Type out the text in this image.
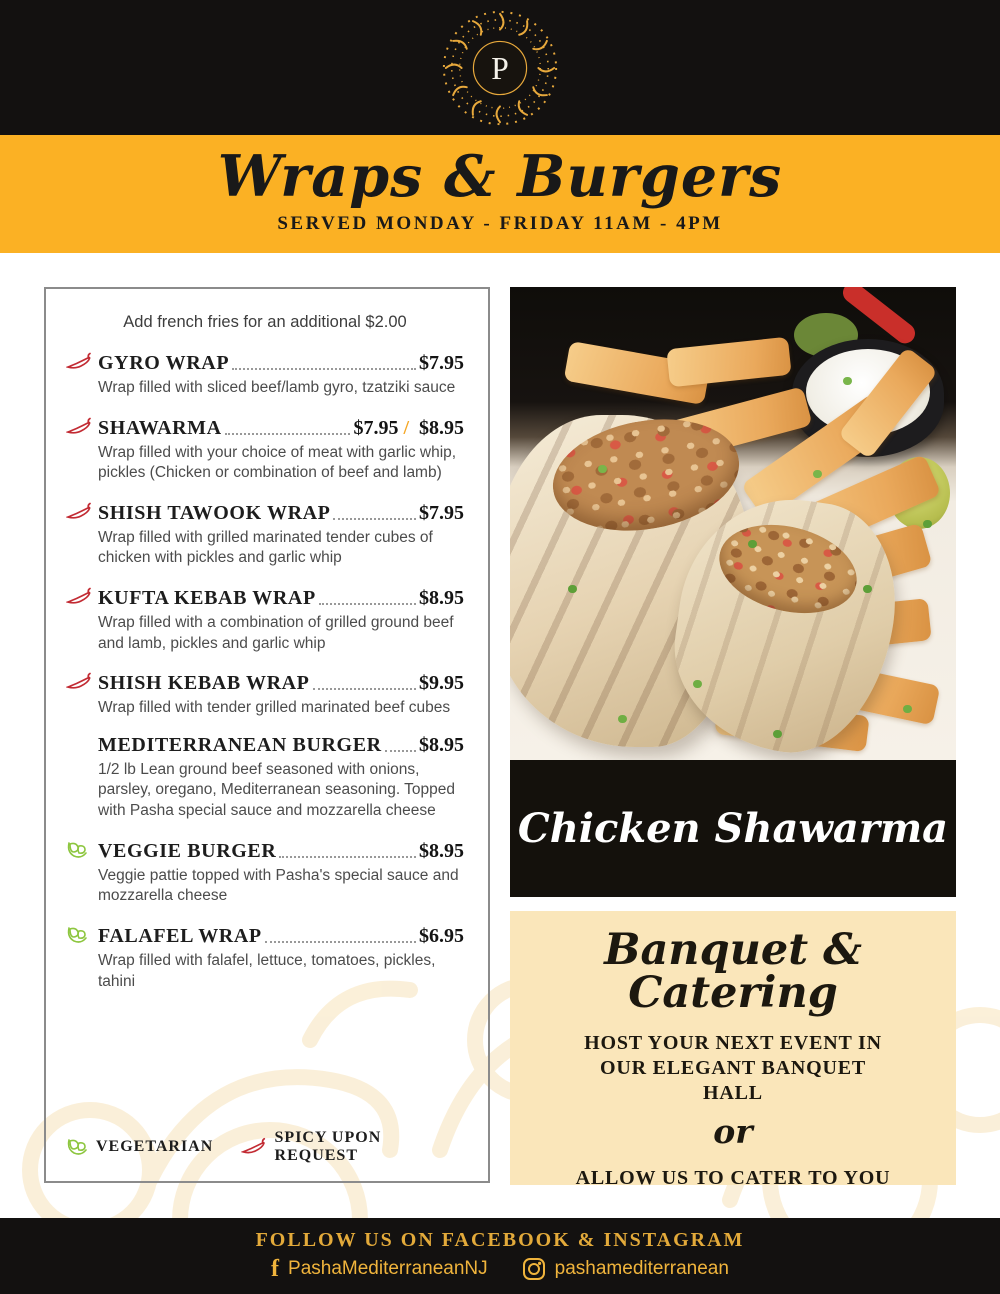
P
Wraps & Burgers
SERVED MONDAY - FRIDAY 11AM - 4PM
Add french fries for an additional $2.00
GYRO WRAP	$7.95
Wrap filled with sliced beef/lamb gyro, tzatziki sauce
SHAWARMA	$7.95 / $8.95
Wrap filled with your choice of meat with garlic whip, pickles (Chicken or combination of beef and lamb)
SHISH TAWOOK WRAP	$7.95
Wrap filled with grilled marinated tender cubes of chicken with pickles and garlic whip
KUFTA KEBAB WRAP	$8.95
Wrap filled with a combination of grilled ground beef and lamb, pickles and garlic whip
SHISH KEBAB WRAP	$9.95
Wrap filled with tender grilled marinated beef cubes
MEDITERRANEAN BURGER $8.95
1/2 lb Lean ground beef seasoned with onions, parsley, oregano, Mediterranean seasoning. Topped with Pasha special sauce and mozzarella cheese
VEGGIE BURGER	$8.95
Veggie pattie topped with Pasha's special sauce and mozzarella cheese
FALAFEL WRAP	$6.95
Wrap filled with falafel, lettuce, tomatoes, pickles, tahini
VEGETARIAN
SPICY UPON REQUEST
Chicken Shawarma
Banquet & Catering
HOST YOUR NEXT EVENT IN OUR ELEGANT BANQUET HALL
or
ALLOW US TO CATER TO YOU
FOLLOW US ON FACEBOOK & INSTAGRAM
f PashaMediterraneanNJ	pashamediterranean
